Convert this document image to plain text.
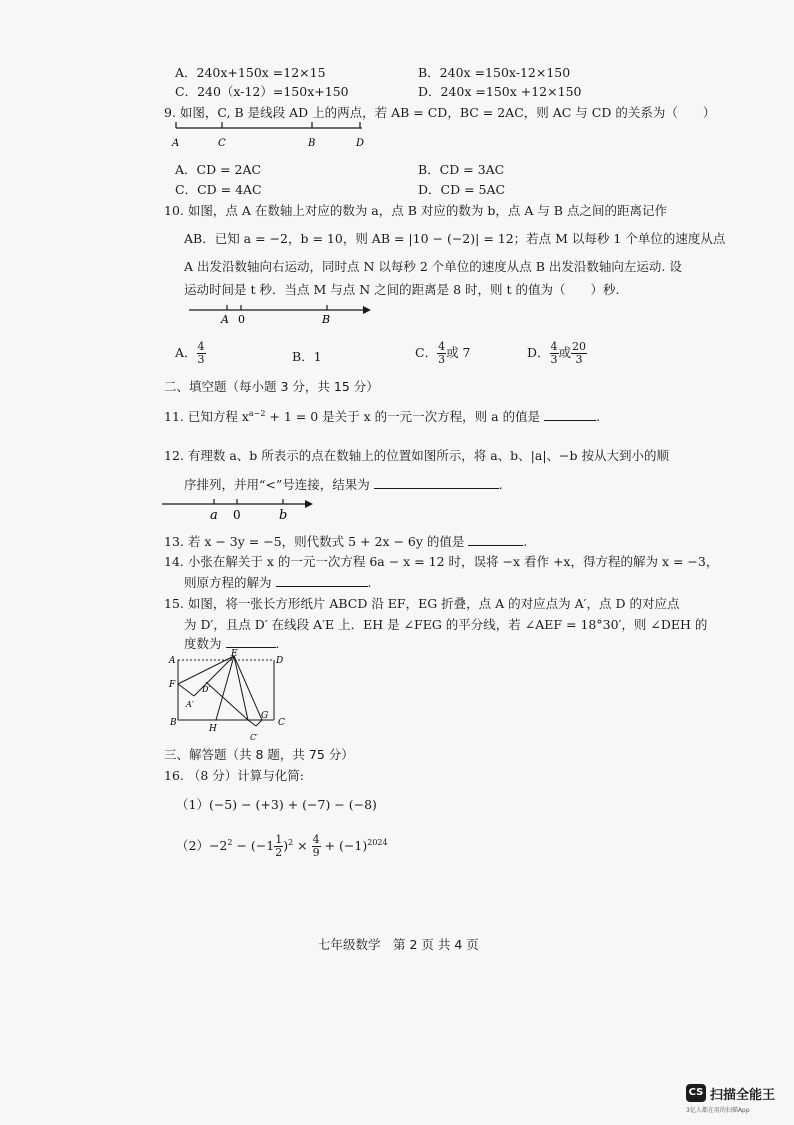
A．240x+150x =12×15	B．240x =150x-12×150
C．240（x-12）=150x+150	D．240x =150x +12×150
9. 如图，C, B 是线段 AD 上的两点，若 AB = CD，BC = 2AC，则 AC 与 CD 的关系为（　　）
A	C	B	D
A．CD = 2AC	B．CD = 3AC
C．CD = 4AC	D．CD = 5AC
10. 如图，点 A 在数轴上对应的数为 a，点 B 对应的数为 b，点 A 与 B 点之间的距离记作
AB．已知 a = −2，b = 10，则 AB = |10 − (−2)| = 12；若点 M 以每秒 1 个单位的速度从点
A 出发沿数轴向右运动，同时点 N 以每秒 2 个单位的速度从点 B 出发沿数轴向左运动. 设
运动时间是 t 秒．当点 M 与点 N 之间的距离是 8 时，则 t 的值为（　　）秒.
A 0	B
A． $\frac{4}{3}$	B．1	C． $\frac{4}{3}$ 或 7	D． $\frac{4}{3}$ 或 $\frac{20}{3}$
二、填空题（每小题 3 分，共 15 分）
11. 已知方程 $x^{a-2} + 1 = 0$ 是关于 x 的一元一次方程，则 a 的值是	.
12. 有理数 a、b 所表示的点在数轴上的位置如图所示，将 a、b、|a|、−b 按从大到小的顺
序排列，并用“<”号连接，结果为	.
a 0	b
13. 若 x − 3y = −5，则代数式 5 + 2x − 6y 的值是	.
14. 小张在解关于 x 的一元一次方程 6a − x = 12 时，误将 −x 看作 +x，得方程的解为 x = −3，
则原方程的解为	.
15. 如图，将一张长方形纸片 ABCD 沿 EF，EG 折叠，点 A 的对应点为 A′，点 D 的对应点
为 D′，且点 D′ 在线段 A′E 上．EH 是 ∠FEG 的平分线，若 ∠AEF = 18°30′，则 ∠DEH 的
度数为	.
A
E
D
F	D′
A′
B
H
G
C
C′
三、解答题（共 8 题，共 75 分）
16. （8 分）计算与化简:
（1）(−5) − (+3) + (−7) − (−8)
$(2)-2^2 - (-1 \frac{1}{2} )^2 \times \frac{4}{9} + (-1)^{2024}$
七年级数学　第 2 页 共 4 页
CS 扫描全能王
3亿人都在用的扫描App
